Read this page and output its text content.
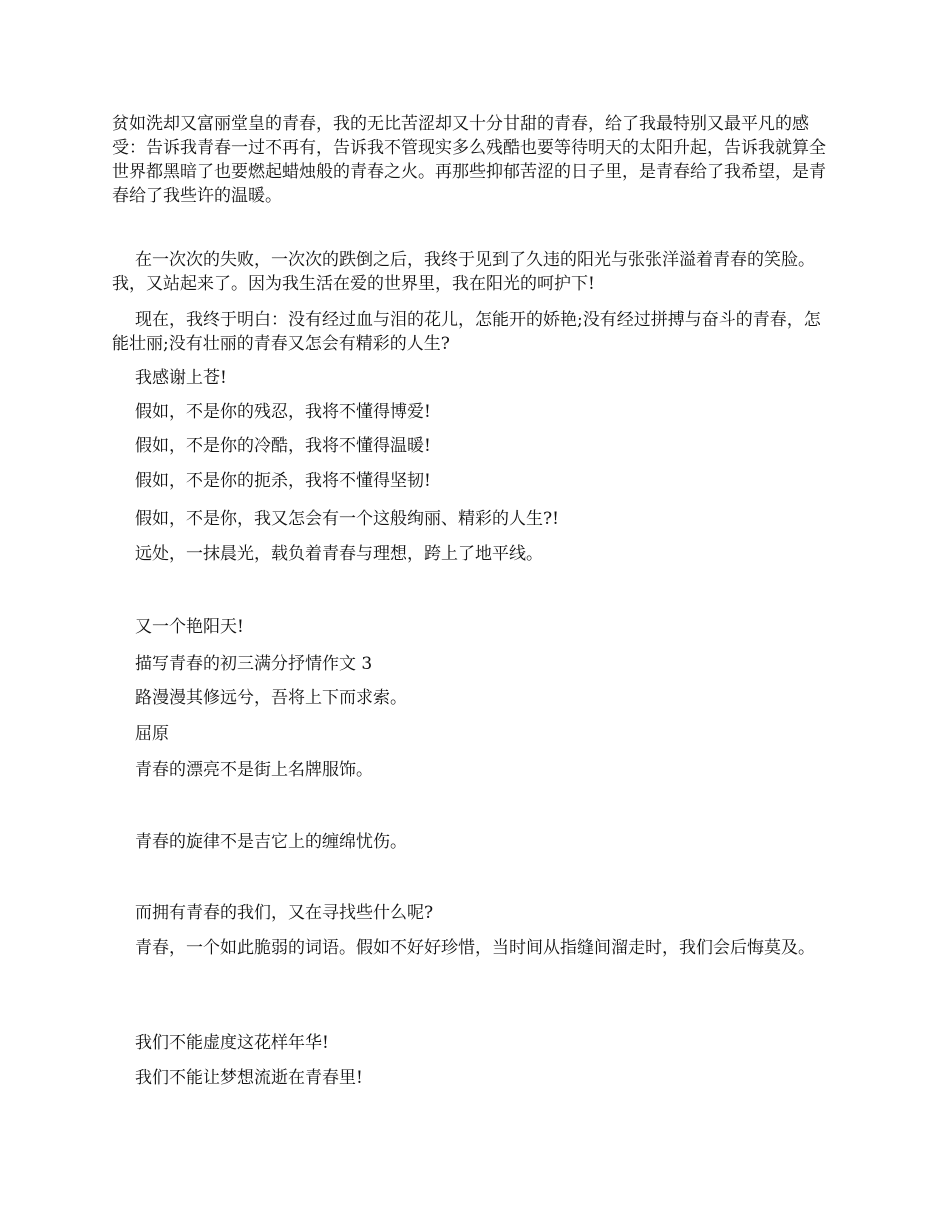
贫如洗却又富丽堂皇的青春，我的无比苦涩却又十分甘甜的青春，给了我最特别又最平凡的感受：告诉我青春一过不再有，告诉我不管现实多么残酷也要等待明天的太阳升起，告诉我就算全世界都黑暗了也要燃起蜡烛般的青春之火。再那些抑郁苦涩的日子里，是青春给了我希望，是青春给了我些许的温暖。

在一次次的失败，一次次的跌倒之后，我终于见到了久违的阳光与张张洋溢着青春的笑脸。我，又站起来了。因为我生活在爱的世界里，我在阳光的呵护下!

现在，我终于明白：没有经过血与泪的花儿，怎能开的娇艳;没有经过拼搏与奋斗的青春，怎能壮丽;没有壮丽的青春又怎会有精彩的人生?

我感谢上苍!

假如，不是你的残忍，我将不懂得博爱!

假如，不是你的冷酷，我将不懂得温暖!

假如，不是你的扼杀，我将不懂得坚韧!

假如，不是你，我又怎会有一个这般绚丽、精彩的人生?!

远处，一抹晨光，载负着青春与理想，跨上了地平线。

又一个艳阳天!

描写青春的初三满分抒情作文 3

路漫漫其修远兮，吾将上下而求索。

屈原

青春的漂亮不是街上名牌服饰。

青春的旋律不是吉它上的缠绵忧伤。

而拥有青春的我们，又在寻找些什么呢?

青春，一个如此脆弱的词语。假如不好好珍惜，当时间从指缝间溜走时，我们会后悔莫及。

我们不能虚度这花样年华!

我们不能让梦想流逝在青春里!
